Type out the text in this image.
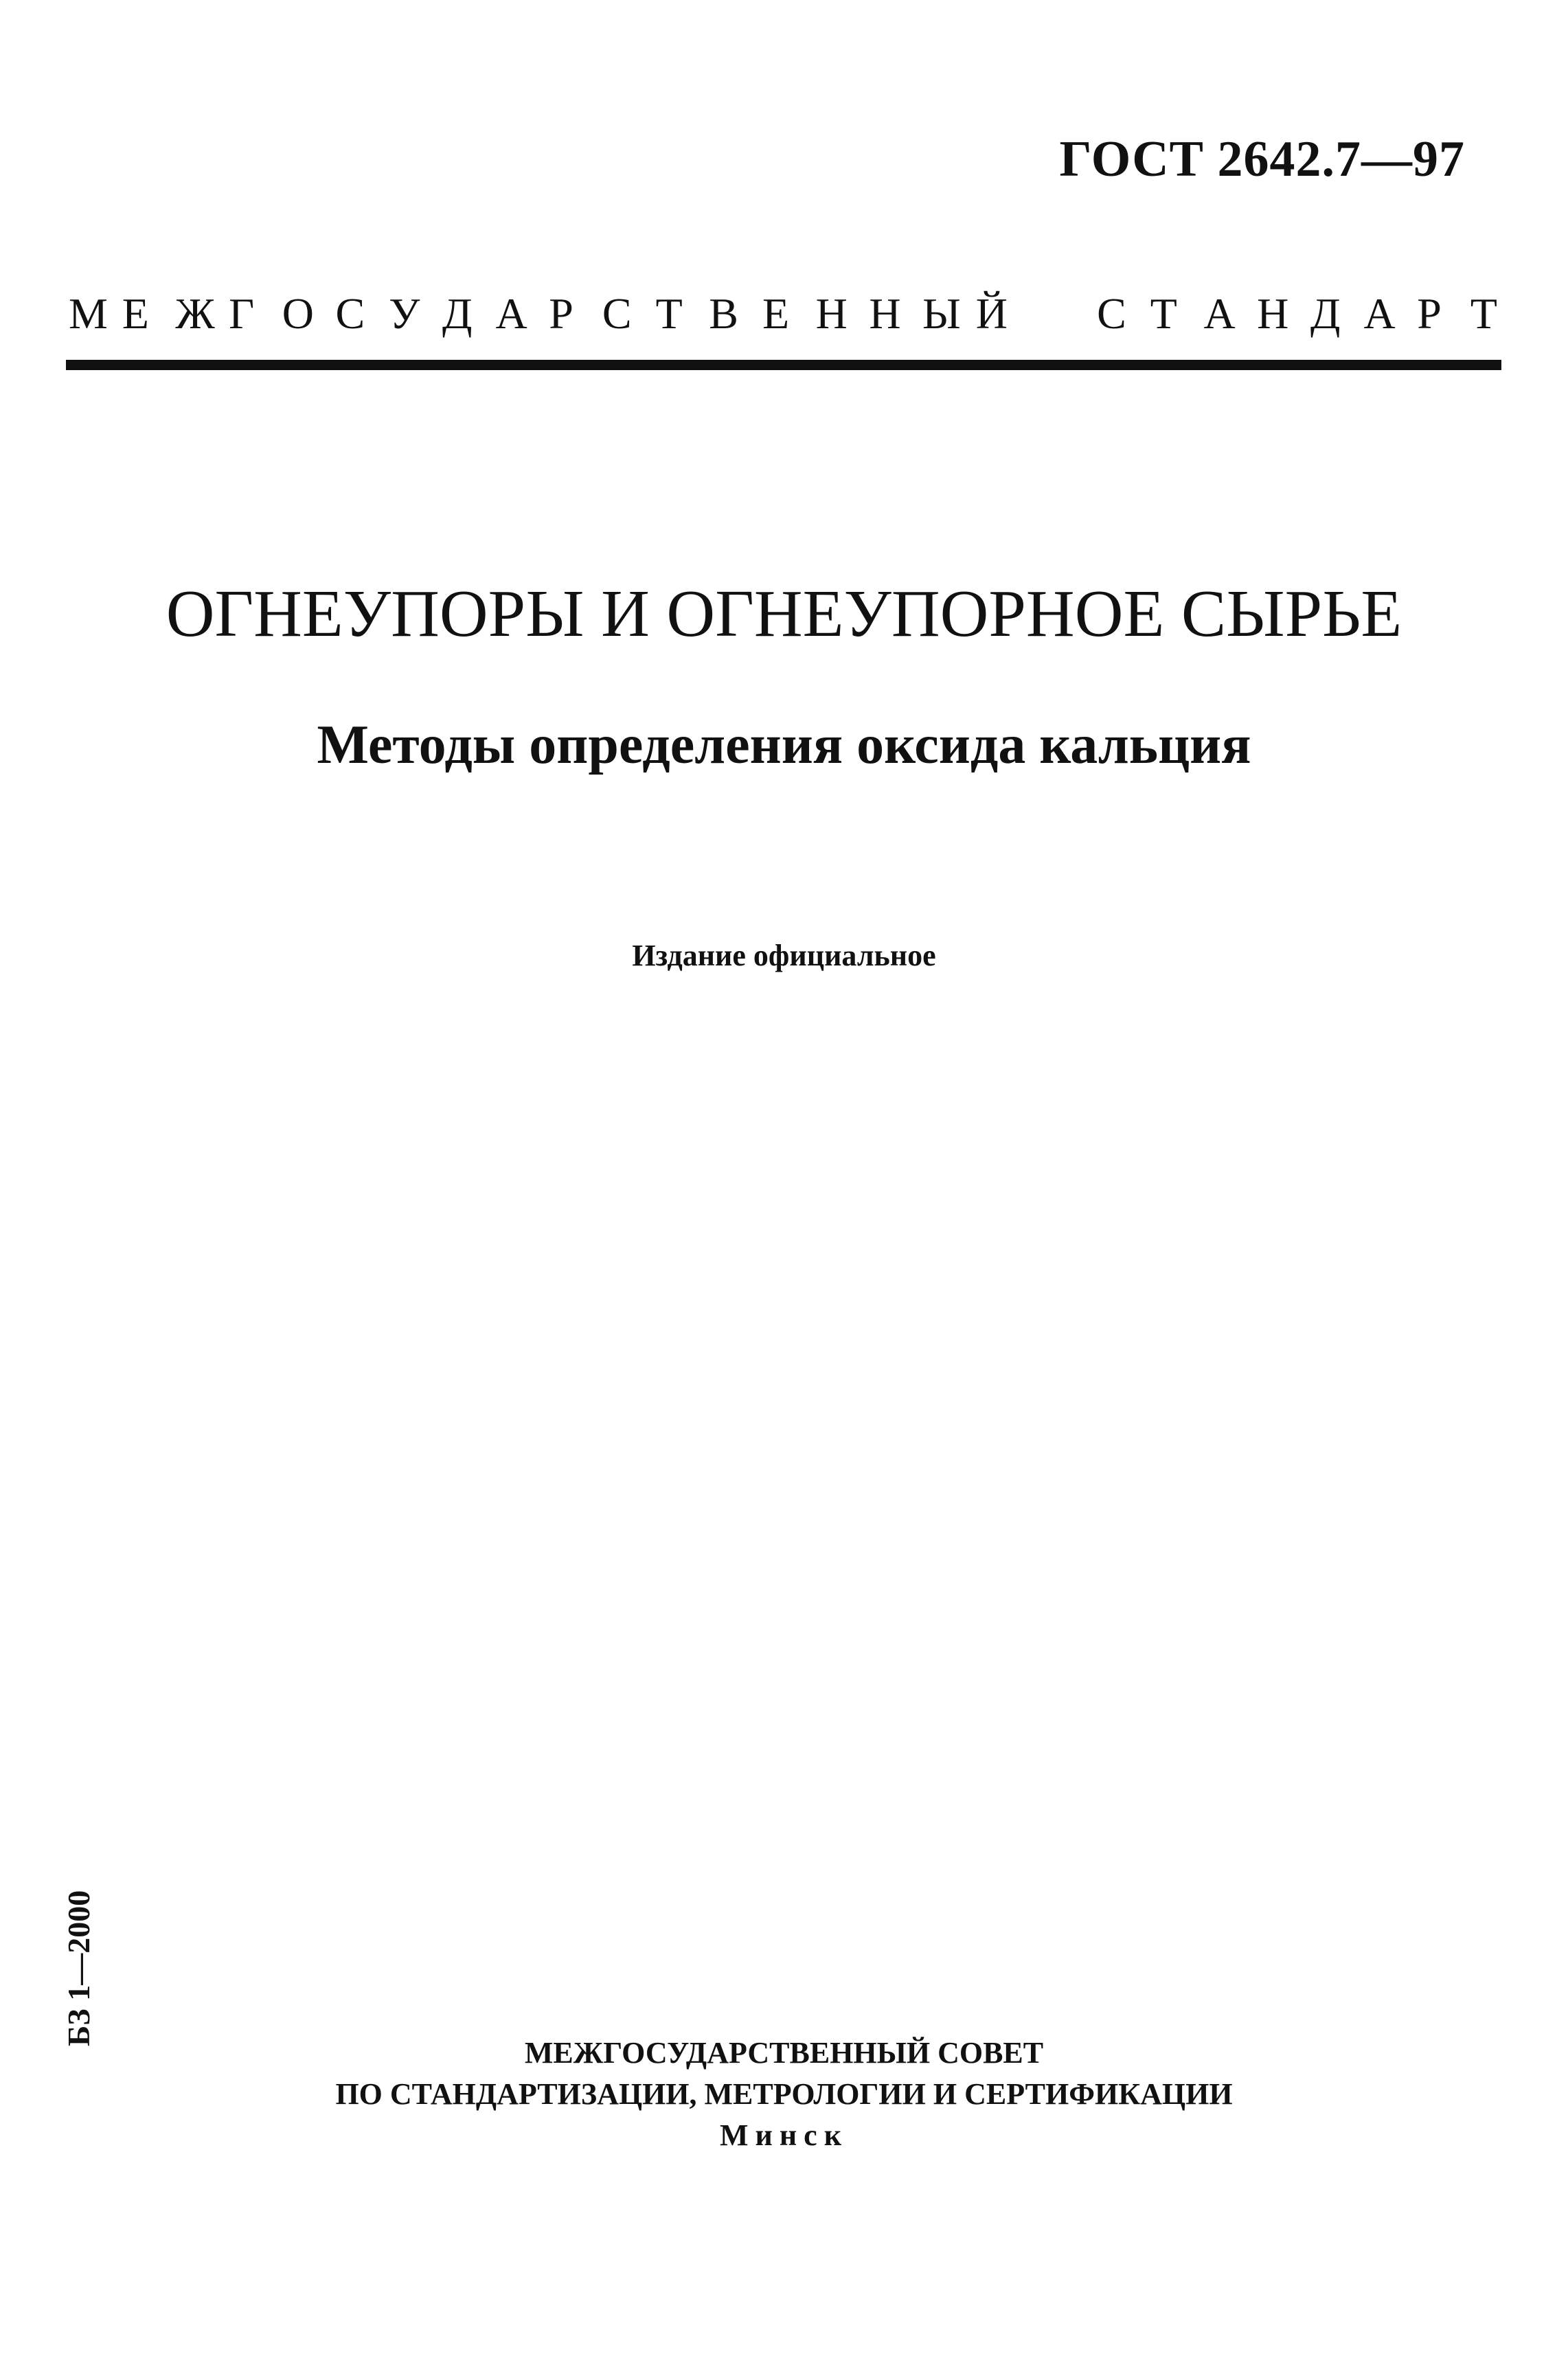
ГОСТ 2642.7—97
М Е Ж Г О С У Д А Р С Т В Е Н Н Ы Й С Т А Н Д А Р Т
ОГНЕУПОРЫ И ОГНЕУПОРНОЕ СЫРЬЕ
Методы определения оксида кальция
Издание официальное
БЗ 1—2000
МЕЖГОСУДАРСТВЕННЫЙ СОВЕТ
ПО СТАНДАРТИЗАЦИИ, МЕТРОЛОГИИ И СЕРТИФИКАЦИИ
Минск
